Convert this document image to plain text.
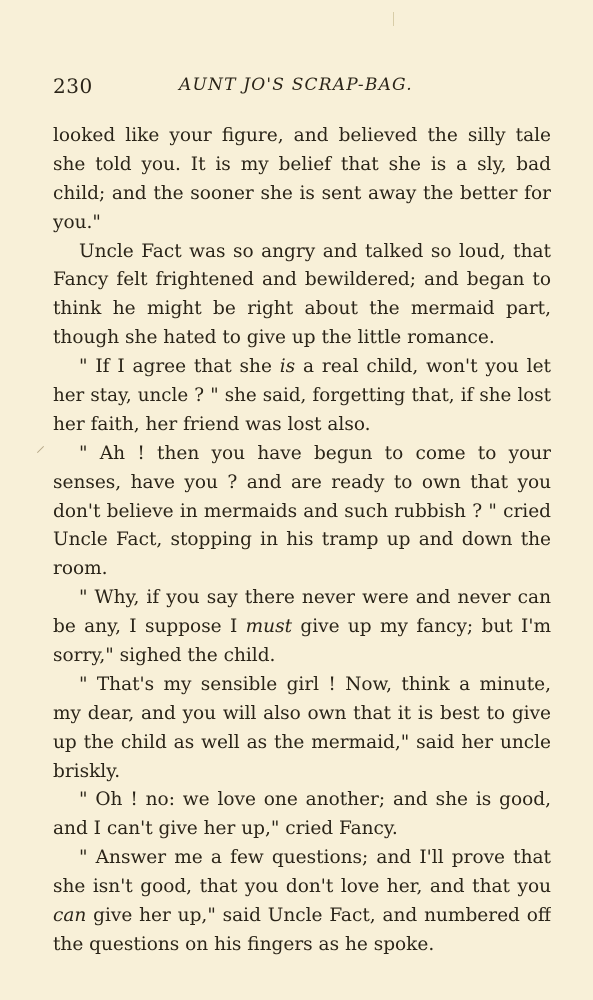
230	AUNT JO'S SCRAP-BAG.
looked like your figure, and believed the silly tale
she told you. It is my belief that she is a sly, bad
child; and the sooner she is sent away the better for
you."
Uncle Fact was so angry and talked so loud, that
Fancy felt frightened and bewildered; and began to
think he might be right about the mermaid part,
though she hated to give up the little romance.
" If I agree that she is a real child, won't you let
her stay, uncle ? " she said, forgetting that, if she lost
her faith, her friend was lost also.
" Ah ! then you have begun to come to your
senses, have you ? and are ready to own that you
don't believe in mermaids and such rubbish ? " cried
Uncle Fact, stopping in his tramp up and down the
room.
" Why, if you say there never were and never can
be any, I suppose I must give up my fancy; but I'm
sorry," sighed the child.
" That's my sensible girl ! Now, think a minute,
my dear, and you will also own that it is best to give
up the child as well as the mermaid," said her uncle
briskly.
" Oh ! no: we love one another; and she is good,
and I can't give her up," cried Fancy.
" Answer me a few questions; and I'll prove that
she isn't good, that you don't love her, and that you
can give her up," said Uncle Fact, and numbered off
the questions on his fingers as he spoke.
